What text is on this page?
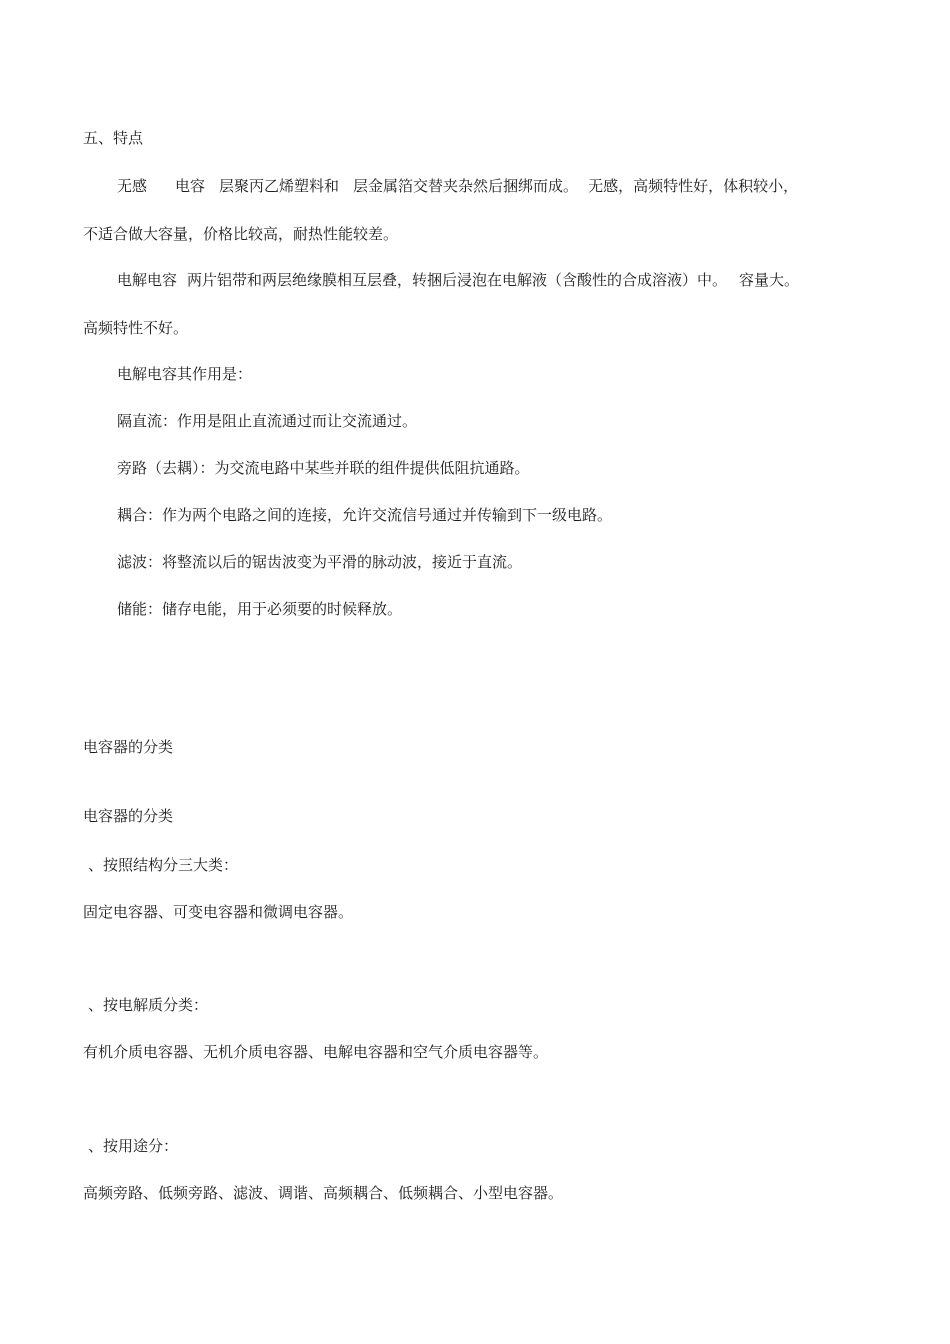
五、特点

无感 电容 层聚丙乙烯塑料和 层金属箔交替夹杂然后捆绑而成。 无感，高频特性好，体积较小，

不适合做大容量，价格比较高，耐热性能较差。

电解电容 两片铝带和两层绝缘膜相互层叠，转捆后浸泡在电解液（含酸性的合成溶液）中。 容量大。

高频特性不好。

电解电容其作用是：

隔直流：作用是阻止直流通过而让交流通过。

旁路（去耦）：为交流电路中某些并联的组件提供低阻抗通路。

耦合：作为两个电路之间的连接，允许交流信号通过并传输到下一级电路。

滤波：将整流以后的锯齿波变为平滑的脉动波，接近于直流。

储能：储存电能，用于必须要的时候释放。

电容器的分类

电容器的分类

、按照结构分三大类：

固定电容器、可变电容器和微调电容器。

、按电解质分类：

有机介质电容器、无机介质电容器、电解电容器和空气介质电容器等。

、按用途分：

高频旁路、低频旁路、滤波、调谐、高频耦合、低频耦合、小型电容器。
